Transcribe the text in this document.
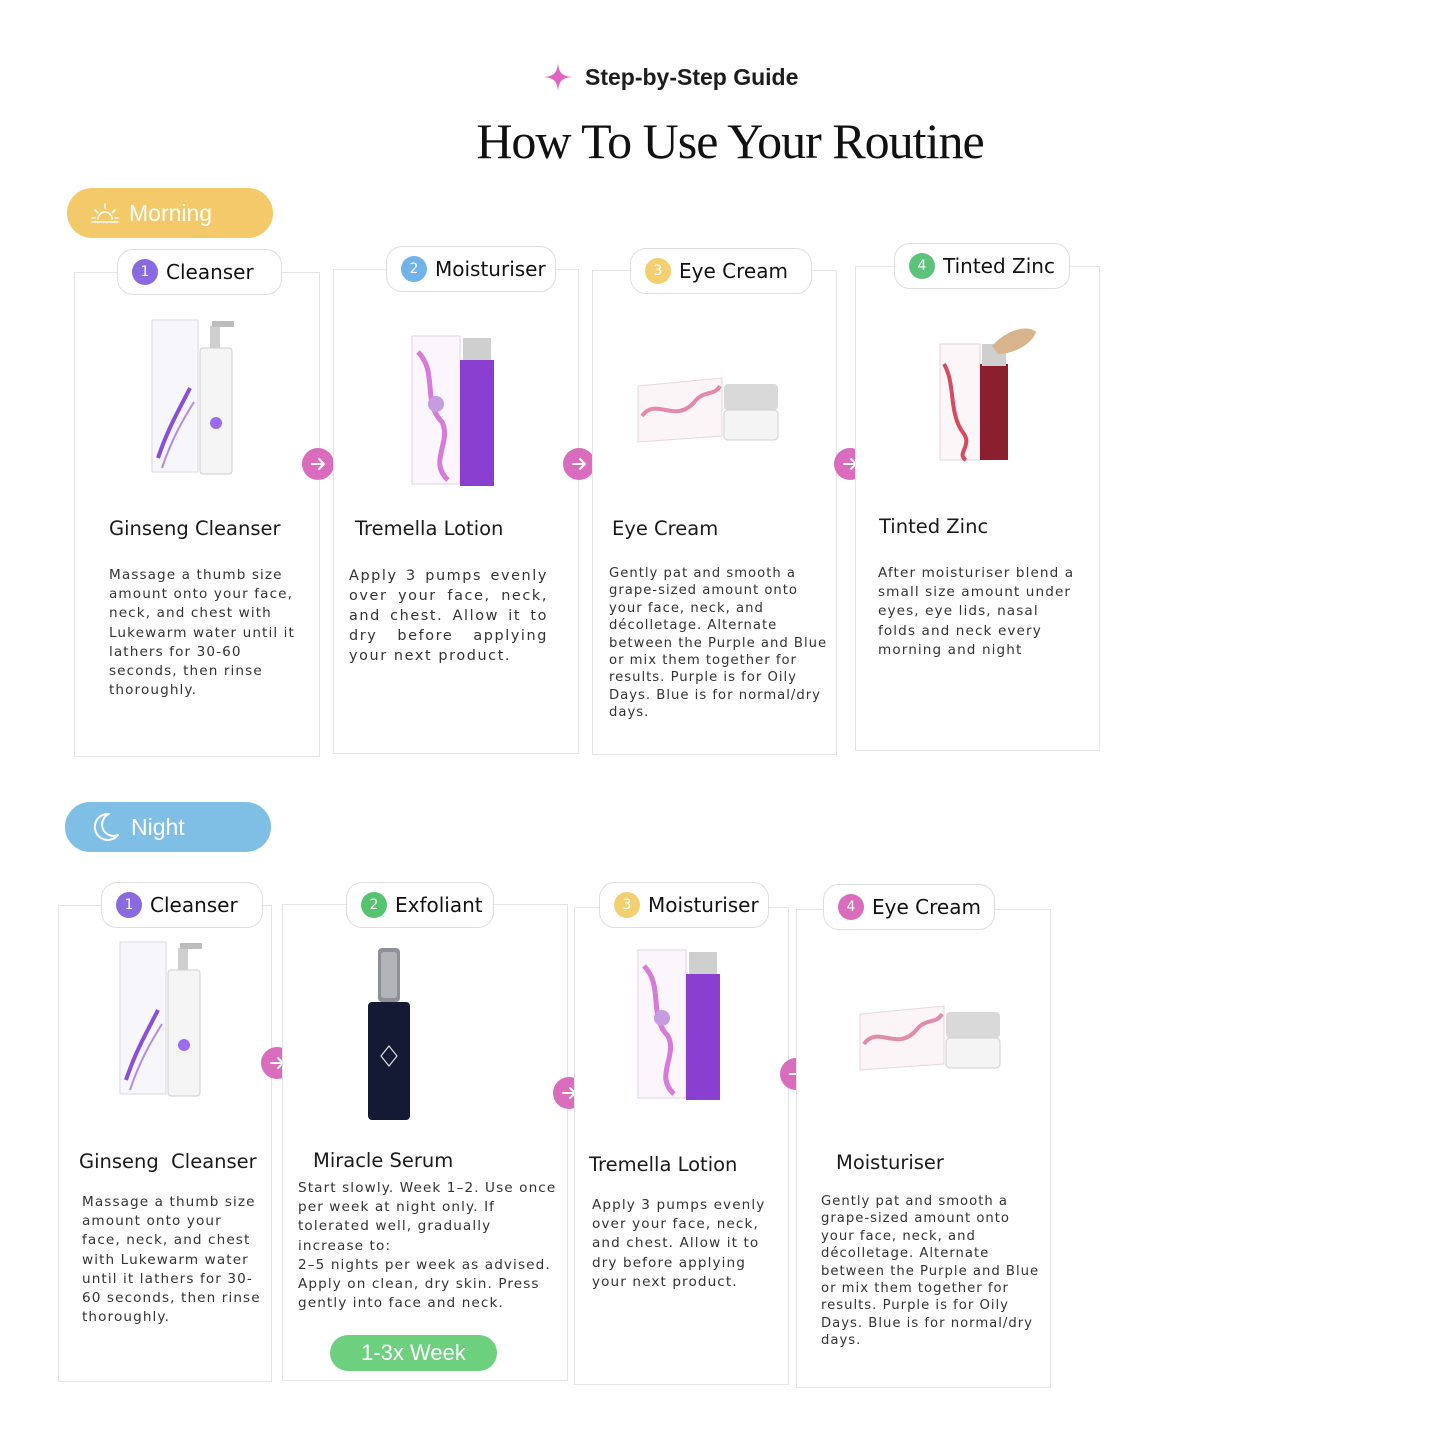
Step-by-Step Guide
How To Use Your Routine
Morning
1 Cleanser
Ginseng Cleanser
Massage a thumb size amount onto your face, neck, and chest with Lukewarm water until it lathers for 30-60 seconds, then rinse thoroughly.
2 Moisturiser
Tremella Lotion
Apply 3 pumps evenly over your face, neck, and chest. Allow it to dry before applying your next product.
3 Eye Cream
Eye Cream
Gently pat and smooth a grape-sized amount onto your face, neck, and décolletage. Alternate between the Purple and Blue or mix them together for results. Purple is for Oily Days. Blue is for normal/dry days.
4 Tinted Zinc
Tinted Zinc
After moisturiser blend a small size amount under eyes, eye lids, nasal folds and neck every morning and night
Night
1 Cleanser
Ginseng  Cleanser
Massage a thumb size amount onto your face, neck, and chest with Lukewarm water until it lathers for 30-60 seconds, then rinse thoroughly.
2 Exfoliant
Miracle Serum
Start slowly. Week 1–2. Use once per week at night only. If tolerated well, gradually increase to:
2–5 nights per week as advised. Apply on clean, dry skin. Press gently into face and neck.
1-3x Week
3 Moisturiser
Tremella Lotion
Apply 3 pumps evenly over your face, neck, and chest. Allow it to dry before applying your next product.
4 Eye Cream
Moisturiser
Gently pat and smooth a grape-sized amount onto your face, neck, and décolletage. Alternate between the Purple and Blue or mix them together for results. Purple is for Oily Days. Blue is for normal/dry days.
